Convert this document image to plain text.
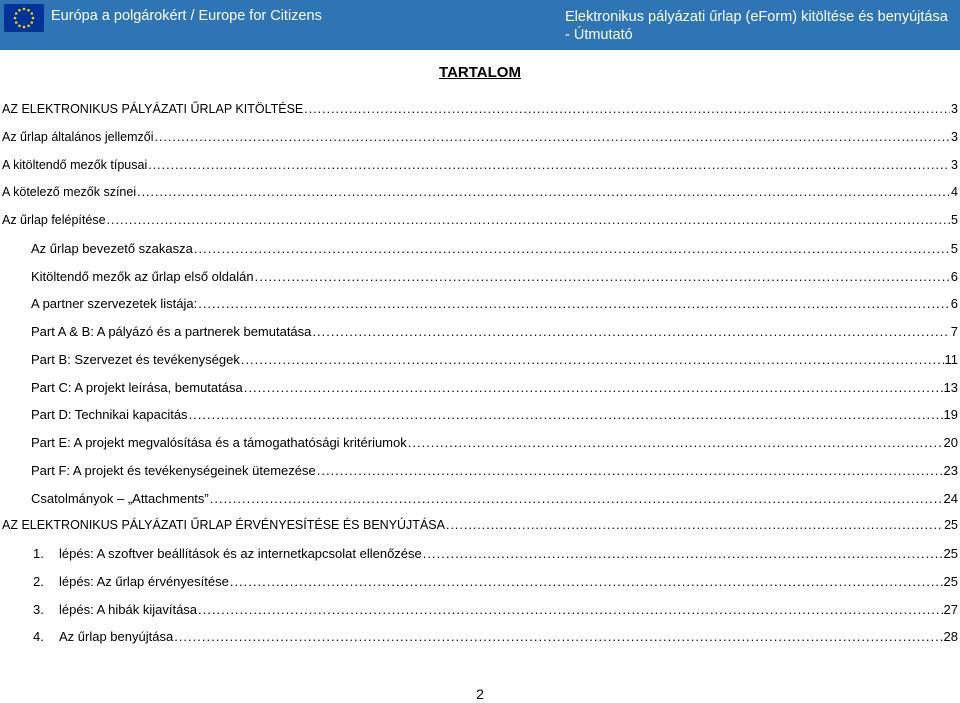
Európa a polgárokért / Europe for Citizens	Elektronikus pályázati űrlap (eForm) kitöltése és benyújtása - Útmutató
TARTALOM
AZ ELEKTRONIKUS PÁLYÁZATI ŰRLAP KITÖLTÉSE .....	3
Az űrlap általános jellemzői .....	3
A kitöltendő mezők típusai .....	3
A kötelező mezők színei .....	4
Az űrlap felépítése .....	5
Az űrlap bevezető szakasza .....	5
Kitöltendő mezők az űrlap első oldalán .....	6
A partner szervezetek listája: .....	6
Part A & B: A pályázó és a partnerek bemutatása .....	7
Part B: Szervezet és tevékenységek .....	11
Part C: A projekt leírása, bemutatása .....	13
Part D: Technikai kapacitás .....	19
Part E: A projekt megvalósítása és a támogathatósági kritériumok .....	20
Part F: A projekt és tevékenységeinek ütemezése .....	23
Csatolmányok – „Attachments” .....	24
AZ ELEKTRONIKUS PÁLYÁZATI ŰRLAP ÉRVÉNYESÍTÉSE ÉS BENYÚJTÁSA .....	25
1. lépés: A szoftver beállítások és az internetkapcsolat ellenőzése .....	25
2. lépés: Az űrlap érvényesítése .....	25
3. lépés: A hibák kijavítása .....	27
4. Az űrlap benyújtása .....	28
2
